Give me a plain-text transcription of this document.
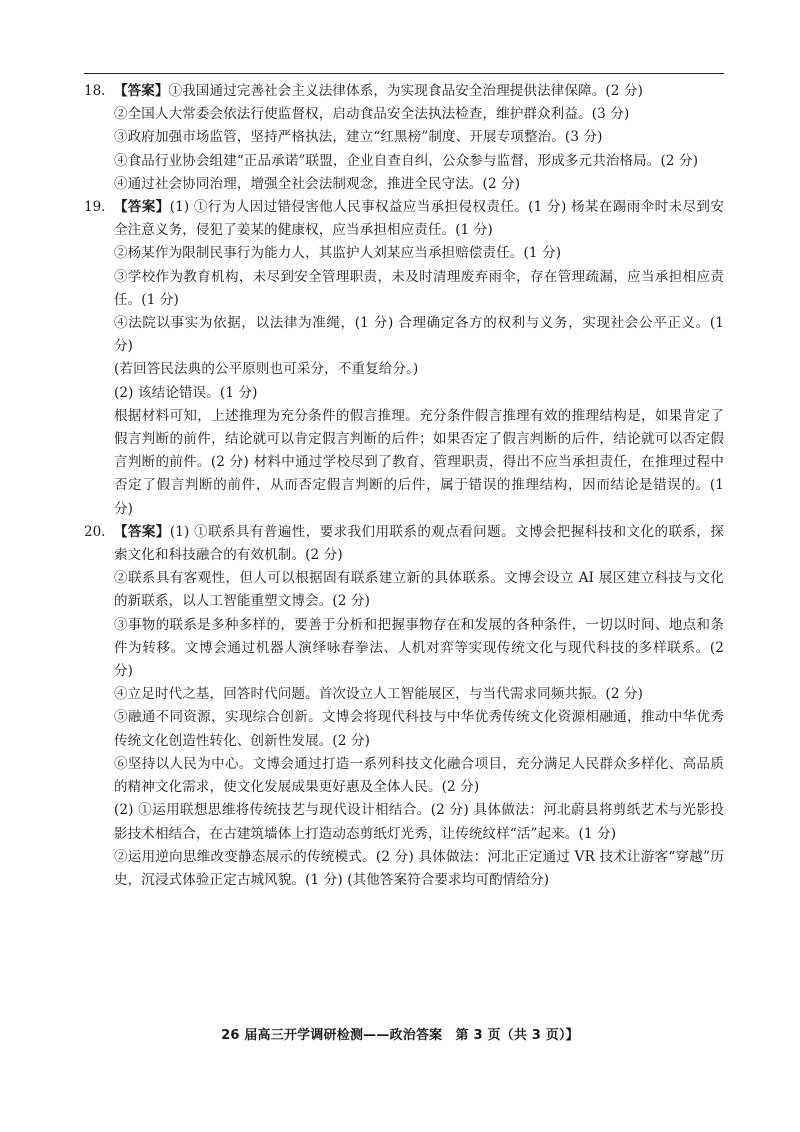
18. 【答案】①我国通过完善社会主义法律体系，为实现食品安全治理提供法律保障。(2 分)

②全国人大常委会依法行使监督权，启动食品安全法执法检查，维护群众利益。(3 分)

③政府加强市场监管，坚持严格执法，建立“红黑榜”制度、开展专项整治。(3 分)

④食品行业协会组建“正品承诺”联盟，企业自查自纠，公众参与监督，形成多元共治格局。(2 分)

④通过社会协同治理，增强全社会法制观念，推进全民守法。(2 分)

19. 【答案】(1) ①行为人因过错侵害他人民事权益应当承担侵权责任。(1 分) 杨某在踢雨伞时未尽到安全注意义务，侵犯了姜某的健康权，应当承担相应责任。(1 分)

②杨某作为限制民事行为能力人，其监护人刘某应当承担赔偿责任。(1 分)

③学校作为教育机构，未尽到安全管理职责，未及时清理废弃雨伞，存在管理疏漏，应当承担相应责任。(1 分)

④法院以事实为依据，以法律为准绳，(1 分) 合理确定各方的权利与义务，实现社会公平正义。(1 分)

(若回答民法典的公平原则也可采分，不重复给分。)

(2) 该结论错误。(1 分)

根据材料可知，上述推理为充分条件的假言推理。充分条件假言推理有效的推理结构是，如果肯定了假言判断的前件，结论就可以肯定假言判断的后件；如果否定了假言判断的后件，结论就可以否定假言判断的前件。(2 分) 材料中通过学校尽到了教育、管理职责，得出不应当承担责任，在推理过程中否定了假言判断的前件，从而否定假言判断的后件，属于错误的推理结构，因而结论是错误的。(1 分)

20. 【答案】(1) ①联系具有普遍性，要求我们用联系的观点看问题。文博会把握科技和文化的联系，探索文化和科技融合的有效机制。(2 分)

②联系具有客观性，但人可以根据固有联系建立新的具体联系。文博会设立 AI 展区建立科技与文化的新联系，以人工智能重塑文博会。(2 分)

③事物的联系是多种多样的，要善于分析和把握事物存在和发展的各种条件，一切以时间、地点和条件为转移。文博会通过机器人演绎咏春拳法、人机对弈等实现传统文化与现代科技的多样联系。(2 分)

④立足时代之基，回答时代问题。首次设立人工智能展区，与当代需求同频共振。(2 分)

⑤融通不同资源，实现综合创新。文博会将现代科技与中华优秀传统文化资源相融通，推动中华优秀传统文化创造性转化、创新性发展。(2 分)

⑥坚持以人民为中心。文博会通过打造一系列科技文化融合项目，充分满足人民群众多样化、高品质的精神文化需求，使文化发展成果更好惠及全体人民。(2 分)

(2) ①运用联想思维将传统技艺与现代设计相结合。(2 分) 具体做法：河北蔚县将剪纸艺术与光影投影技术相结合，在古建筑墙体上打造动态剪纸灯光秀，让传统纹样“活”起来。(1 分)

②运用逆向思维改变静态展示的传统模式。(2 分) 具体做法：河北正定通过 VR 技术让游客“穿越”历史，沉浸式体验正定古城风貌。(1 分) (其他答案符合要求均可酌情给分)

26 届高三开学调研检测——政治答案　第 3 页（共 3 页）】
